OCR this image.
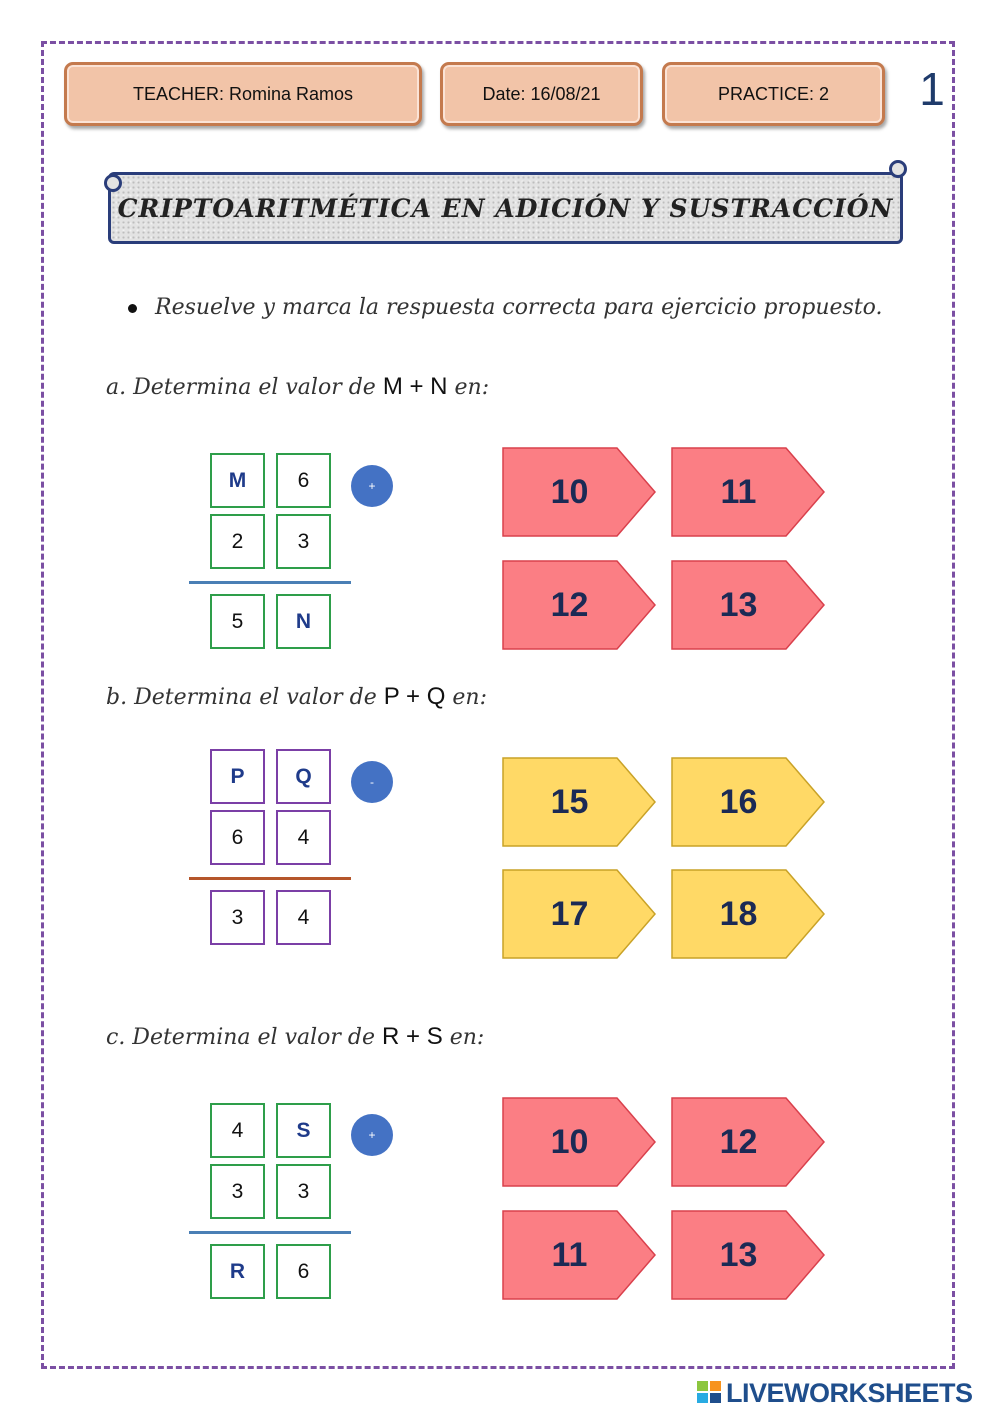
TEACHER: Romina Ramos	Date: 16/08/21	PRACTICE: 2 1
CRIPTOARITMÉTICA EN ADICIÓN Y SUSTRACCIÓN
Resuelve y marca la respuesta correcta para ejercicio propuesto.
a. Determina el valor de M + N en:
b. Determina el valor de P + Q en:
c. Determina el valor de R + S en:
M	6	+
2	3
5	N
P	Q	-
6	4
3	4
4	S	+
3	3
R	6
10	11
12	13
15	16
17	18
10	12
11	13
LIVEWORKSHEETS
